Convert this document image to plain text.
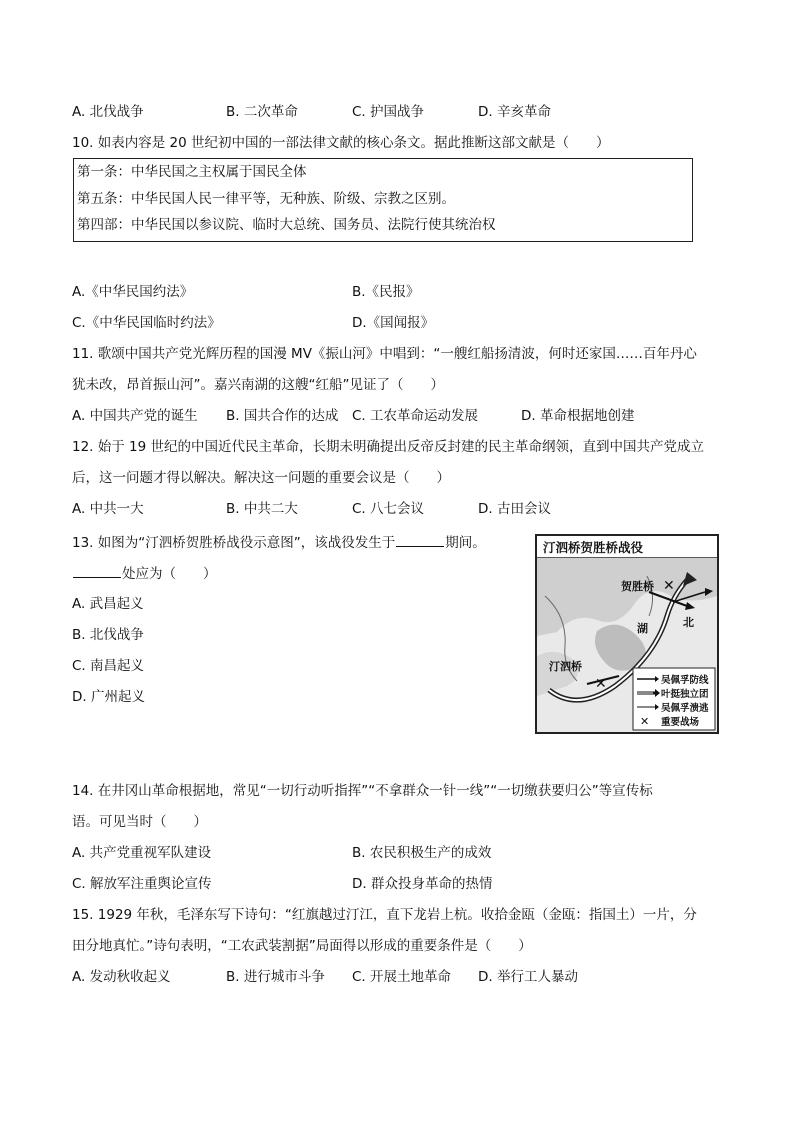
A. 北伐战争	B. 二次革命	C. 护国战争	D. 辛亥革命
10. 如表内容是 20 世纪初中国的一部法律文献的核心条文。据此推断这部文献是（　　）
第一条：中华民国之主权属于国民全体
第五条：中华民国人民一律平等，无种族、阶级、宗教之区别。
第四部：中华民国以参议院、临时大总统、国务员、法院行使其统治权
A.《中华民国约法》	B.《民报》
C.《中华民国临时约法》	D.《国闻报》
11. 歌颂中国共产党光辉历程的国漫 MV《振山河》中唱到：“一艘红船扬清波，何时还家国……百年丹心
犹未改，昂首振山河”。嘉兴南湖的这艘“红船”见证了（　　）
A. 中国共产党的诞生 B. 国共合作的达成 C. 工农革命运动发展	D. 革命根据地创建
12. 始于 19 世纪的中国近代民主革命，长期未明确提出反帝反封建的民主革命纲领，直到中国共产党成立
后，这一问题才得以解决。解决这一问题的重要会议是（　　）
A. 中共一大	B. 中共二大	C. 八七会议	D. 古田会议
13. 如图为“汀泗桥贺胜桥战役示意图”，该战役发生于	期间。
处应为（　　）
A. 武昌起义
B. 北伐战争
C. 南昌起义
D. 广州起义
汀泗桥贺胜桥战役
✕
✕
贺胜桥
湖	北
汀泗桥
吴佩孚防线
叶挺独立团
吴佩孚溃逃
✕ 重要战场
14. 在井冈山革命根据地，常见“一切行动听指挥”“不拿群众一针一线”“一切缴获要归公”等宣传标
语。可见当时（　　）
A. 共产党重视军队建设	B. 农民积极生产的成效
C. 解放军注重舆论宣传	D. 群众投身革命的热情
15. 1929 年秋，毛泽东写下诗句：“红旗越过汀江，直下龙岩上杭。收拾金瓯（金瓯：指国土）一片，分
田分地真忙。”诗句表明，“工农武装割据”局面得以形成的重要条件是（　　）
A. 发动秋收起义	B. 进行城市斗争 C. 开展土地革命 D. 举行工人暴动
